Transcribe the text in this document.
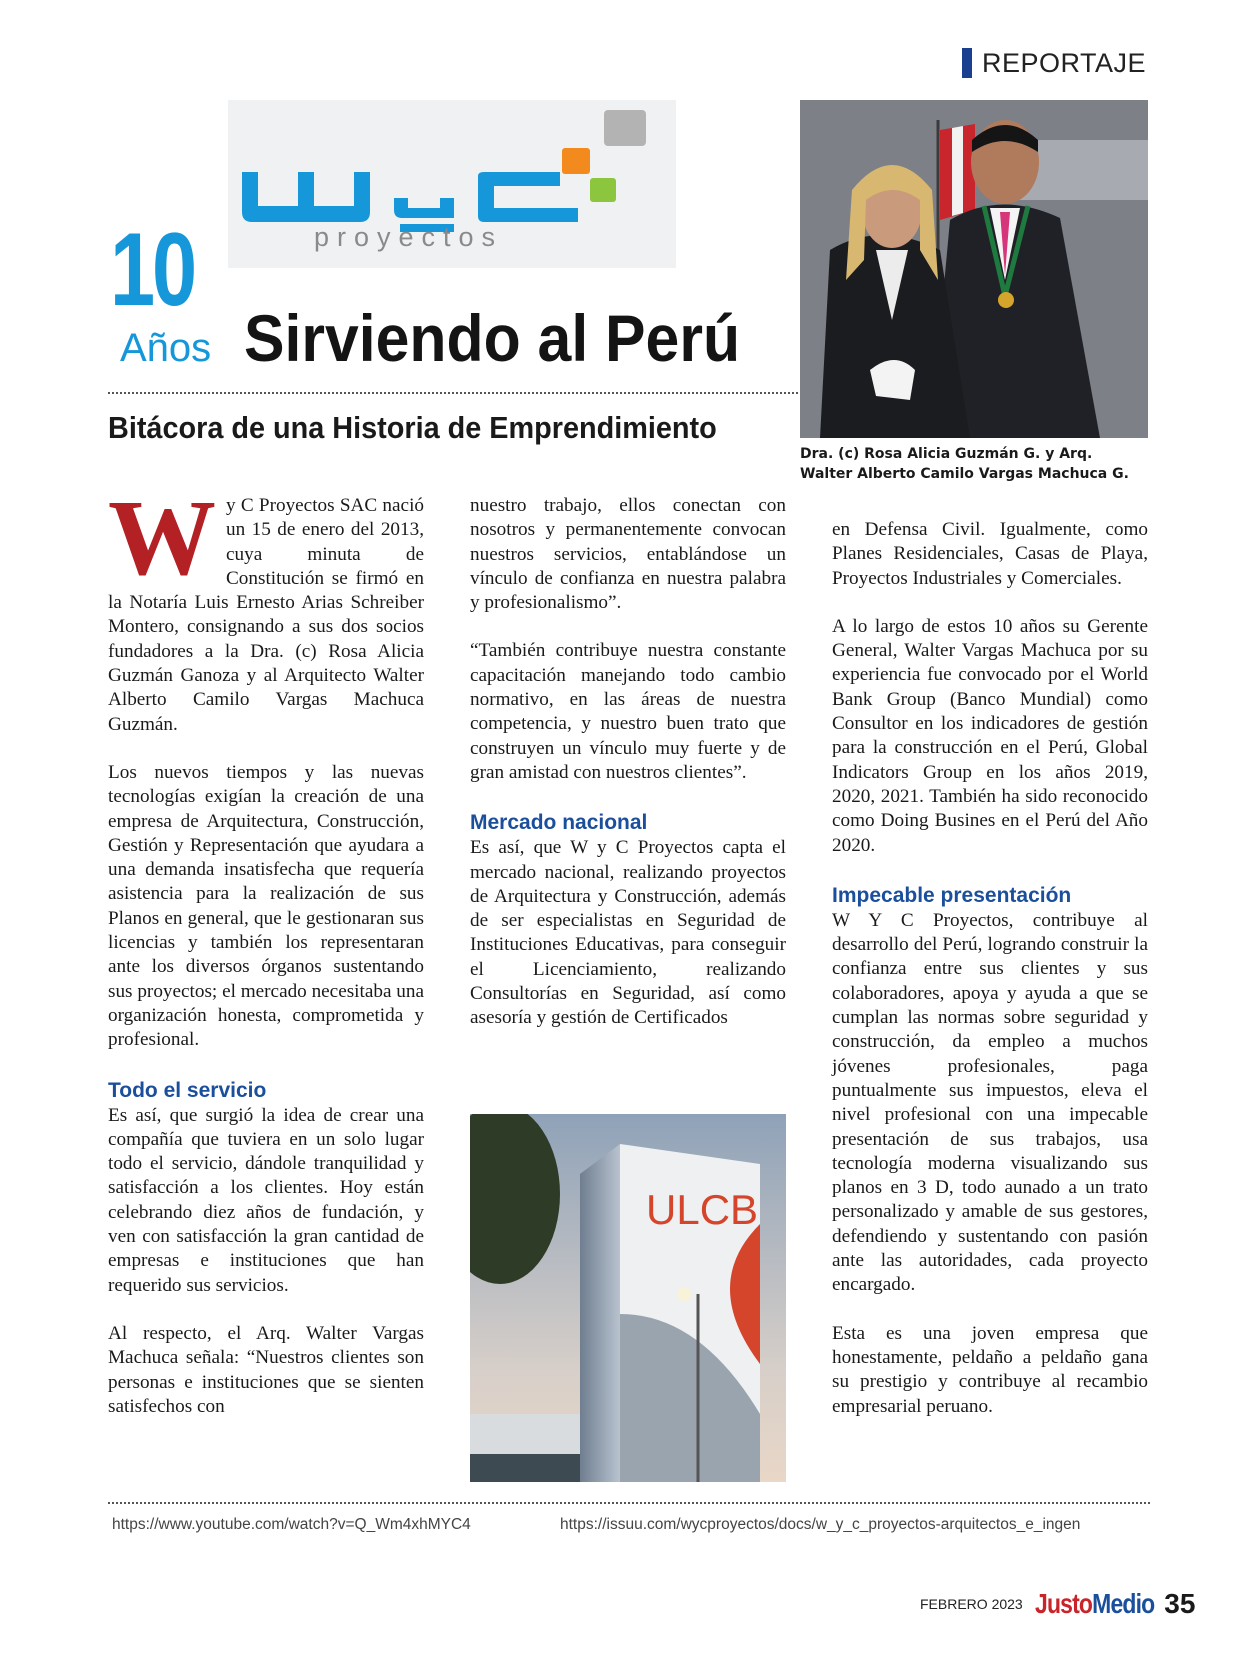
REPORTAJE
proyectos
10
Años Sirviendo al Perú
Bitácora de una Historia de Emprendimiento
Dra. (c) Rosa Alicia Guzmán G. y Arq.
Walter Alberto Camilo Vargas Machuca G.

Wy C Proyectos SAC nació un 15 de enero del 2013, cuya minuta de Constitución se firmó en la Notaría Luis Ernesto Arias Schreiber Montero, consignando a sus dos socios fundadores a la Dra. (c) Rosa Alicia Guzmán Ganoza y al Arquitecto Walter Alberto Camilo Vargas Machuca Guzmán.

Los nuevos tiempos y las nuevas tecnologías exigían la creación de una empresa de Arquitectura, Construcción, Gestión y Representación que ayudara a una demanda insatisfecha que requería asistencia para la realización de sus Planos en general, que le gestionaran sus licencias y también los representaran ante los diversos órganos sustentando sus proyectos; el mercado necesitaba una organización honesta, comprometida y profesional.

Todo el servicio

Es así, que surgió la idea de crear una compañía que tuviera en un solo lugar todo el servicio, dándole tranquilidad y satisfacción a los clientes. Hoy están celebrando diez años de fundación, y ven con satisfacción la gran cantidad de empresas e instituciones que han requerido sus servicios.

Al respecto, el Arq. Walter Vargas Machuca señala: “Nuestros clientes son personas e instituciones que se sienten satisfechos con

nuestro trabajo, ellos conectan con nosotros y permanentemente convocan nuestros servicios, entablándose un vínculo de confianza en nuestra palabra y profesionalismo”.

“También contribuye nuestra constante capacitación manejando todo cambio normativo, en las áreas de nuestra competencia, y nuestro buen trato que construyen un vínculo muy fuerte y de gran amistad con nuestros clientes”.

Mercado nacional

Es así, que W y C Proyectos capta el mercado nacional, realizando proyectos de Arquitectura y Construcción, además de ser especialistas en Seguridad de Instituciones Educativas, para conseguir el Licenciamiento, realizando Consultorías en Seguridad, así como asesoría y gestión de Certificados

ULCB

en Defensa Civil. Igualmente, como Planes Residenciales, Casas de Playa, Proyectos Industriales y Comerciales.

A lo largo de estos 10 años su Gerente General, Walter Vargas Machuca por su experiencia fue convocado por el World Bank Group (Banco Mundial) como Consultor en los indicadores de gestión para la construcción en el Perú, Global Indicators Group en los años 2019, 2020, 2021. También ha sido reconocido como Doing Busines en el Perú del Año 2020.

Impecable presentación

W Y C Proyectos, contribuye al desarrollo del Perú, logrando construir la confianza entre sus clientes y sus colaboradores, apoya y ayuda a que se cumplan las normas sobre seguridad y construcción, da empleo a muchos jóvenes profesionales, paga puntualmente sus impuestos, eleva el nivel profesional con una impecable presentación de sus trabajos, usa tecnología moderna visualizando sus planos en 3 D, todo aunado a un trato personalizado y amable de sus gestores, defendiendo y sustentando con pasión ante las autoridades, cada proyecto encargado.

Esta es una joven empresa que honestamente, peldaño a peldaño gana su prestigio y contribuye al recambio empresarial peruano.

https://www.youtube.com/watch?v=Q_Wm4xhMYC4	https://issuu.com/wycproyectos/docs/w_y_c_proyectos-arquitectos_e_ingen
FEBRERO 2023 JustoMedio 35
